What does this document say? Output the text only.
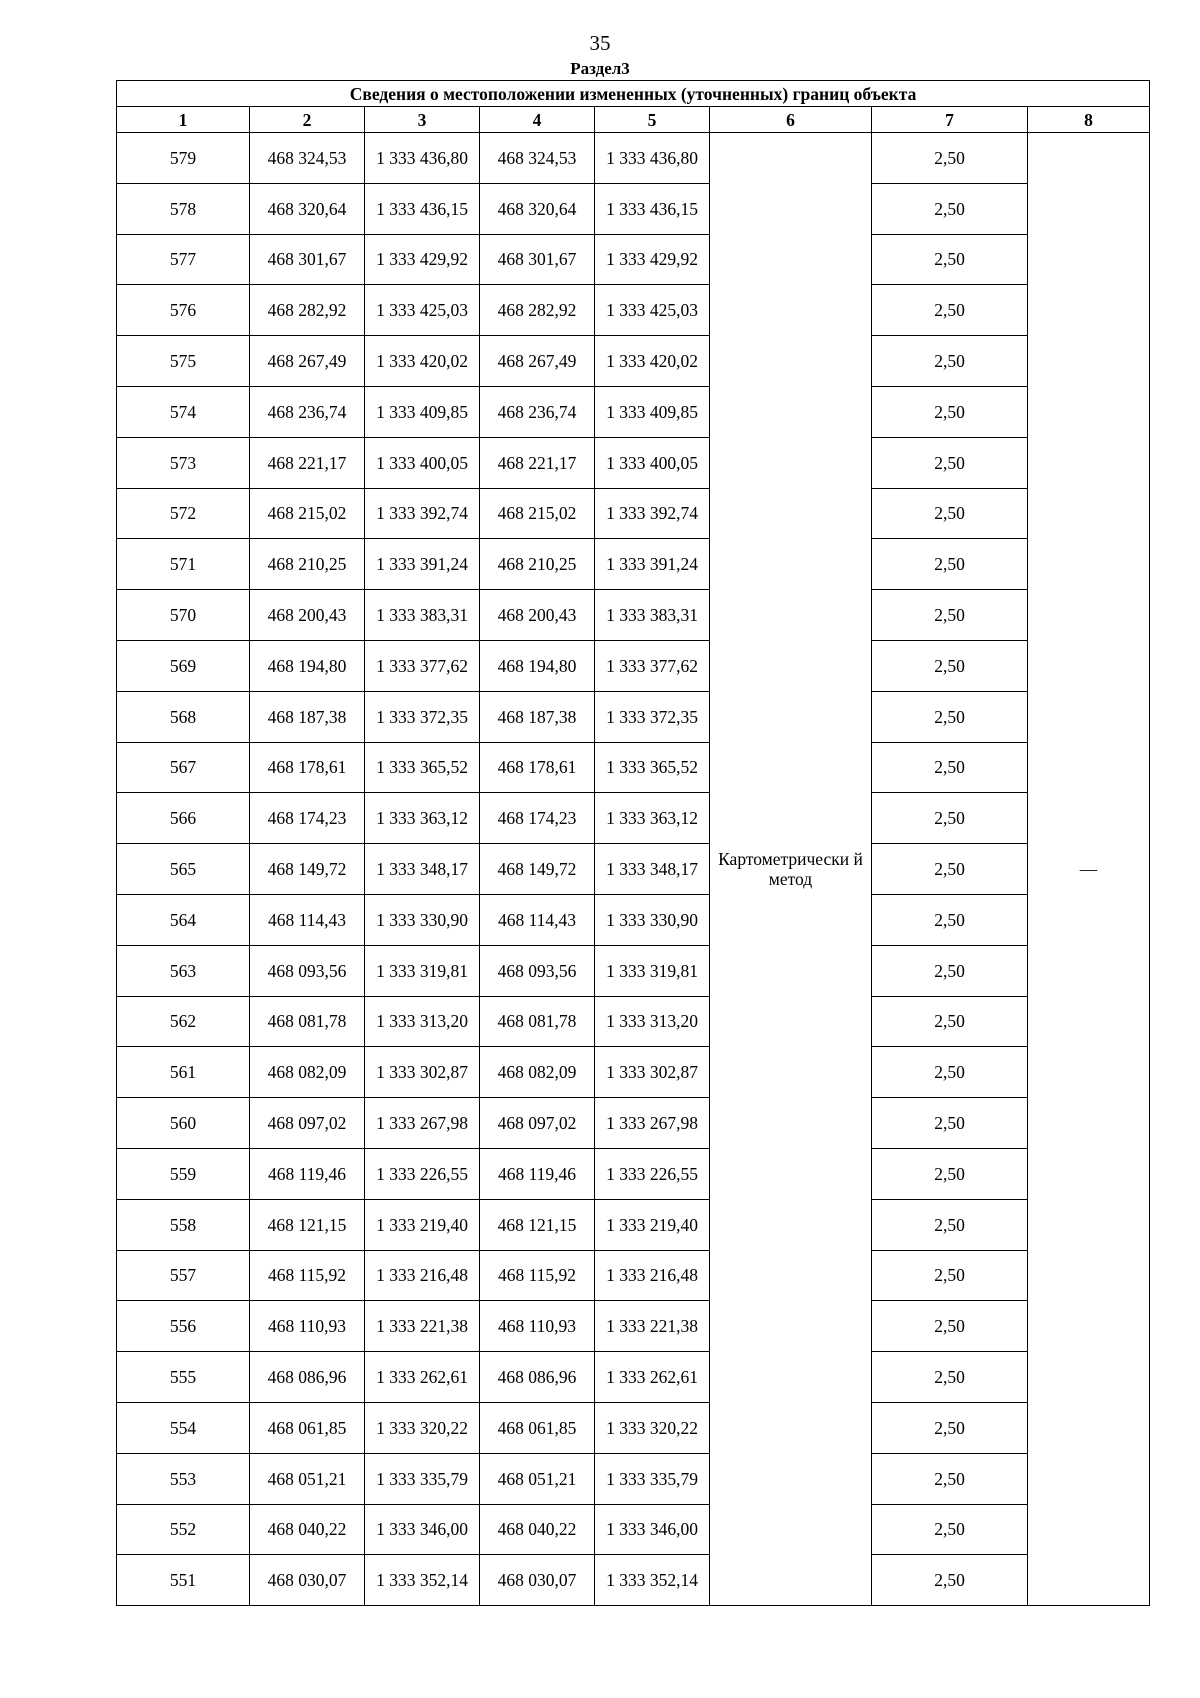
35
Раздел3
Сведения о местоположении измененных (уточненных) границ объекта							
1	2	3	4	5	6	7	8
579	468 324,53	1 333 436,80	468 324,53	1 333 436,80	Картометрически й метод	2,50	—
578	468 320,64	1 333 436,15	468 320,64	1 333 436,15		2,50	
577	468 301,67	1 333 429,92	468 301,67	1 333 429,92		2,50	
576	468 282,92	1 333 425,03	468 282,92	1 333 425,03		2,50	
575	468 267,49	1 333 420,02	468 267,49	1 333 420,02		2,50	
574	468 236,74	1 333 409,85	468 236,74	1 333 409,85		2,50	
573	468 221,17	1 333 400,05	468 221,17	1 333 400,05		2,50	
572	468 215,02	1 333 392,74	468 215,02	1 333 392,74		2,50	
571	468 210,25	1 333 391,24	468 210,25	1 333 391,24		2,50	
570	468 200,43	1 333 383,31	468 200,43	1 333 383,31		2,50	
569	468 194,80	1 333 377,62	468 194,80	1 333 377,62		2,50	
568	468 187,38	1 333 372,35	468 187,38	1 333 372,35		2,50	
567	468 178,61	1 333 365,52	468 178,61	1 333 365,52		2,50	
566	468 174,23	1 333 363,12	468 174,23	1 333 363,12		2,50	
565	468 149,72	1 333 348,17	468 149,72	1 333 348,17		2,50	
564	468 114,43	1 333 330,90	468 114,43	1 333 330,90		2,50	
563	468 093,56	1 333 319,81	468 093,56	1 333 319,81		2,50	
562	468 081,78	1 333 313,20	468 081,78	1 333 313,20		2,50	
561	468 082,09	1 333 302,87	468 082,09	1 333 302,87		2,50	
560	468 097,02	1 333 267,98	468 097,02	1 333 267,98		2,50	
559	468 119,46	1 333 226,55	468 119,46	1 333 226,55		2,50	
558	468 121,15	1 333 219,40	468 121,15	1 333 219,40		2,50	
557	468 115,92	1 333 216,48	468 115,92	1 333 216,48		2,50	
556	468 110,93	1 333 221,38	468 110,93	1 333 221,38		2,50	
555	468 086,96	1 333 262,61	468 086,96	1 333 262,61		2,50	
554	468 061,85	1 333 320,22	468 061,85	1 333 320,22		2,50	
553	468 051,21	1 333 335,79	468 051,21	1 333 335,79		2,50	
552	468 040,22	1 333 346,00	468 040,22	1 333 346,00		2,50	
551	468 030,07	1 333 352,14	468 030,07	1 333 352,14		2,50	
